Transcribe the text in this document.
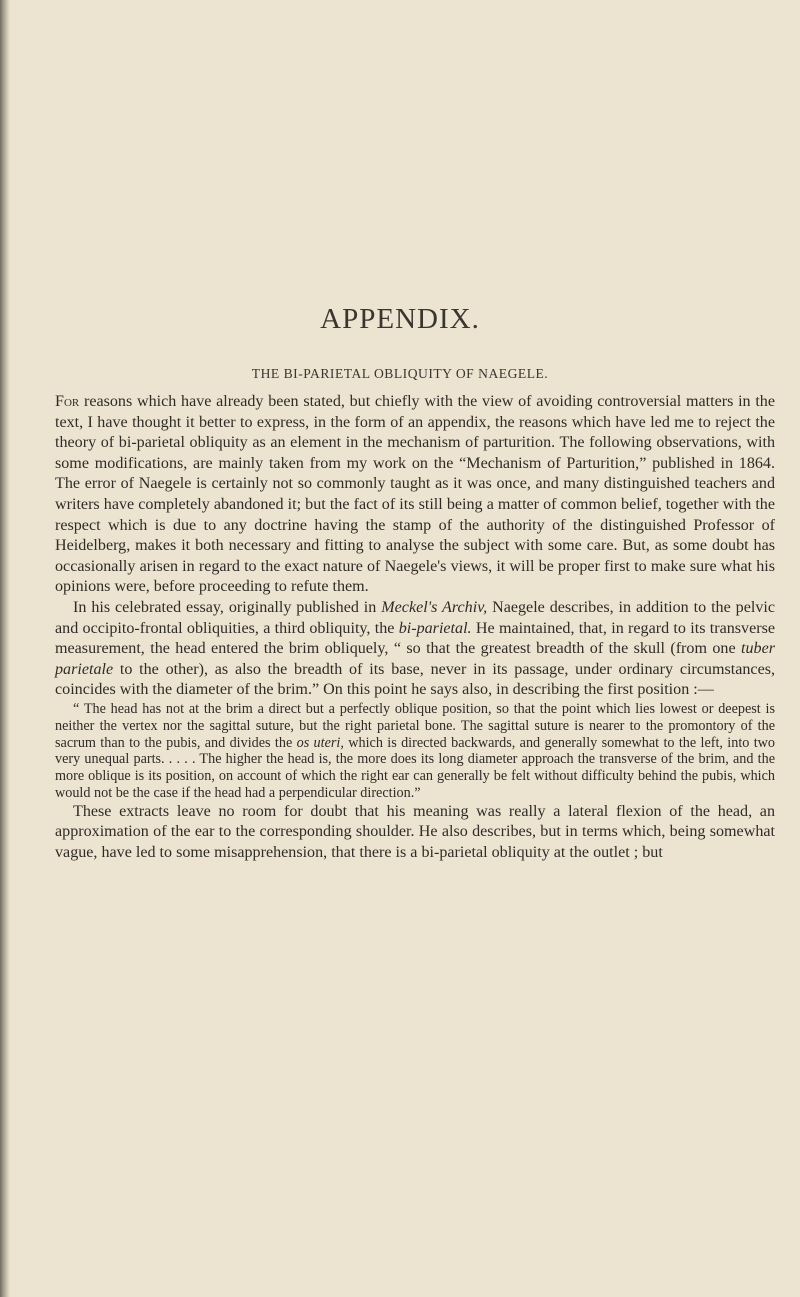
APPENDIX.
THE BI-PARIETAL OBLIQUITY OF NAEGELE.

For reasons which have already been stated, but chiefly with the view of avoiding controversial matters in the text, I have thought it better to express, in the form of an appendix, the reasons which have led me to reject the theory of bi-parietal obliquity as an element in the mechanism of parturition. The following observations, with some modifications, are mainly taken from my work on the “Mechanism of Parturition,” published in 1864. The error of Naegele is certainly not so commonly taught as it was once, and many distinguished teachers and writers have completely abandoned it; but the fact of its still being a matter of common belief, together with the respect which is due to any doctrine having the stamp of the authority of the distinguished Professor of Heidelberg, makes it both necessary and fitting to analyse the subject with some care. But, as some doubt has occasionally arisen in regard to the exact nature of Naegele's views, it will be proper first to make sure what his opinions were, before proceeding to refute them.

In his celebrated essay, originally published in Meckel's Archiv, Naegele describes, in addition to the pelvic and occipito-frontal obliquities, a third obliquity, the bi-parietal. He maintained, that, in regard to its transverse measurement, the head entered the brim obliquely, “ so that the greatest breadth of the skull (from one tuber parietale to the other), as also the breadth of its base, never in its passage, under ordinary circumstances, coincides with the diameter of the brim.” On this point he says also, in describing the first position :—

“ The head has not at the brim a direct but a perfectly oblique position, so that the point which lies lowest or deepest is neither the vertex nor the sagittal suture, but the right parietal bone. The sagittal suture is nearer to the promontory of the sacrum than to the pubis, and divides the os uteri, which is directed backwards, and generally somewhat to the left, into two very unequal parts. . . . . The higher the head is, the more does its long diameter approach the transverse of the brim, and the more oblique is its position, on account of which the right ear can generally be felt without difficulty behind the pubis, which would not be the case if the head had a perpendicular direction.”

These extracts leave no room for doubt that his meaning was really a lateral flexion of the head, an approximation of the ear to the corresponding shoulder. He also describes, but in terms which, being somewhat vague, have led to some misapprehension, that there is a bi-parietal obliquity at the outlet ; but
